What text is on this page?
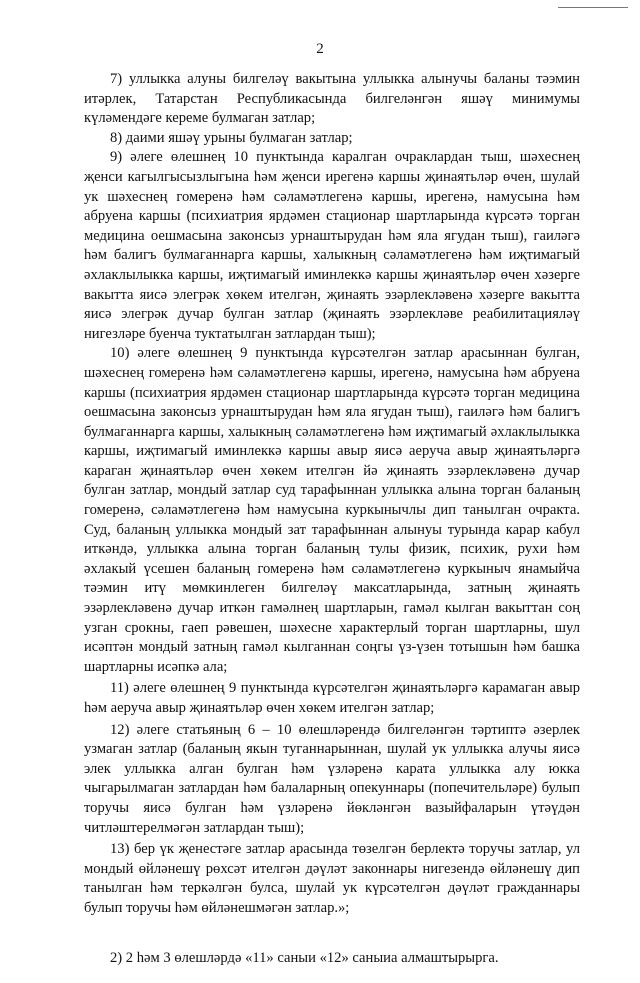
2

7) уллыкка алуны билгеләү вакытына уллыкка алынучы баланы тәэмин итәрлек, Татарстан Республикасында билгеләнгән яшәү минимумы күләмендәге керемe булмаган затлар;

8) даими яшәү урыны булмаган затлар;

9) әлеге өлешнең 10 пунктында каралган очраклардан тыш, шәхеснең җенси кагылгысызлыгына һәм җенси ирегенə каршы җинаятьләр өчен, шулай ук шәхеснең гомеренә һәм сәламәтлегенә каршы, ирегенə, намусына һәм абруена каршы (психиатрия ярдәмен стационар шартларында күрсәтә торган медицина оешмасына законсыз урнаштырудан һәм яла ягудан тыш), гаиләгә һәм балигъ булмаганнарга каршы, халыкның сәламәтлегенә һәм иҗтимагый әхлаклылыкка каршы, иҗтимагый иминлеккә каршы җинаятьләр өчен хәзерге вакытта яисә элегрәк хөкем ителгән, җинаять эзәрлекләвенә хәзерге вакытта яисә элегрәк дучар булган затлар (җинаять эзәрлекләве реабилитацияләү нигезләре буенча туктатылган затлардан тыш);

10) әлеге өлешнең 9 пунктында күрсәтелгән затлар арасыннан булган, шәхеснең гомеренә һәм сәламәтлегенә каршы, ирегенə, намусына һәм абруена каршы (психиатрия ярдәмен стационар шартларында күрсәтә торган медицина оешмасына законсыз урнаштырудан һәм яла ягудан тыш), гаиләгә һәм балигъ булмаганнарга каршы, халыкның сәламәтлегенә һәм иҗтимагый әхлаклылыкка каршы, иҗтимагый иминлеккә каршы авыр яисә аеруча авыр җинаятьләргә караган җинаятьләр өчен хөкем ителгән йә җинаять эзәрлекләвенә дучар булган затлар, мондый затлар суд тарафыннан уллыкка алына торган баланың гомеренә, сәламәтлегенә һәм намусына куркынычлы дип танылган очракта. Суд, баланың уллыкка мондый зат тарафыннан алынуы турында карар кабул иткәндә, уллыкка алына торган баланың тулы физик, психик, рухи һәм әхлакый үсешен баланың гомеренә һәм сәламәтлегенә куркыныч янамыйча тәэмин итү мөмкинлеген билгеләү максатларында, затның җинаять эзәрлекләвенә дучар иткән гамәлнең шартларын, гамәл кылган вакыттан соң узган срокны, гаеп рәвешен, шәхесне характерлый торган шартларны, шул исәптән мондый затның гамәл кылганнан соңгы үз-үзен тотышын һәм башка шартларны исәпкә ала;

11) әлеге өлешнең 9 пунктында күрсәтелгән җинаятьләргә карамаган авыр һәм аеруча авыр җинаятьләр өчен хөкем ителгән затлар;

12) әлеге статьяның 6 – 10 өлешләрендә билгеләнгән тәртиптә әзерлек узмаган затлар (баланың якын туганнарыннан, шулай ук уллыкка алучы яисә элек уллыкка алган булган һәм үзләренә карата уллыкка алу юкка чыгарылмаган затлардан һәм балаларның опекуннары (попечительләре) булып торучы яисә булган һәм үзләренә йөкләнгән вазыйфаларын үтәүдән читләштерелмәгән затлардан тыш);

13) бер үк җенестәге затлар арасында төзелгән берлектә торучы затлар, ул мондый өйләнешү рөхсәт ителгән дәүләт законнары нигезендә өйләнешү дип танылган һәм теркәлгән булса, шулай ук күрсәтелгән дәүләт гражданнары булып торучы һәм өйләнешмәгән затлар.»;

2) 2 һәм 3 өлешләрдә «11» саныи «12» саныиа алмаштырырга.
